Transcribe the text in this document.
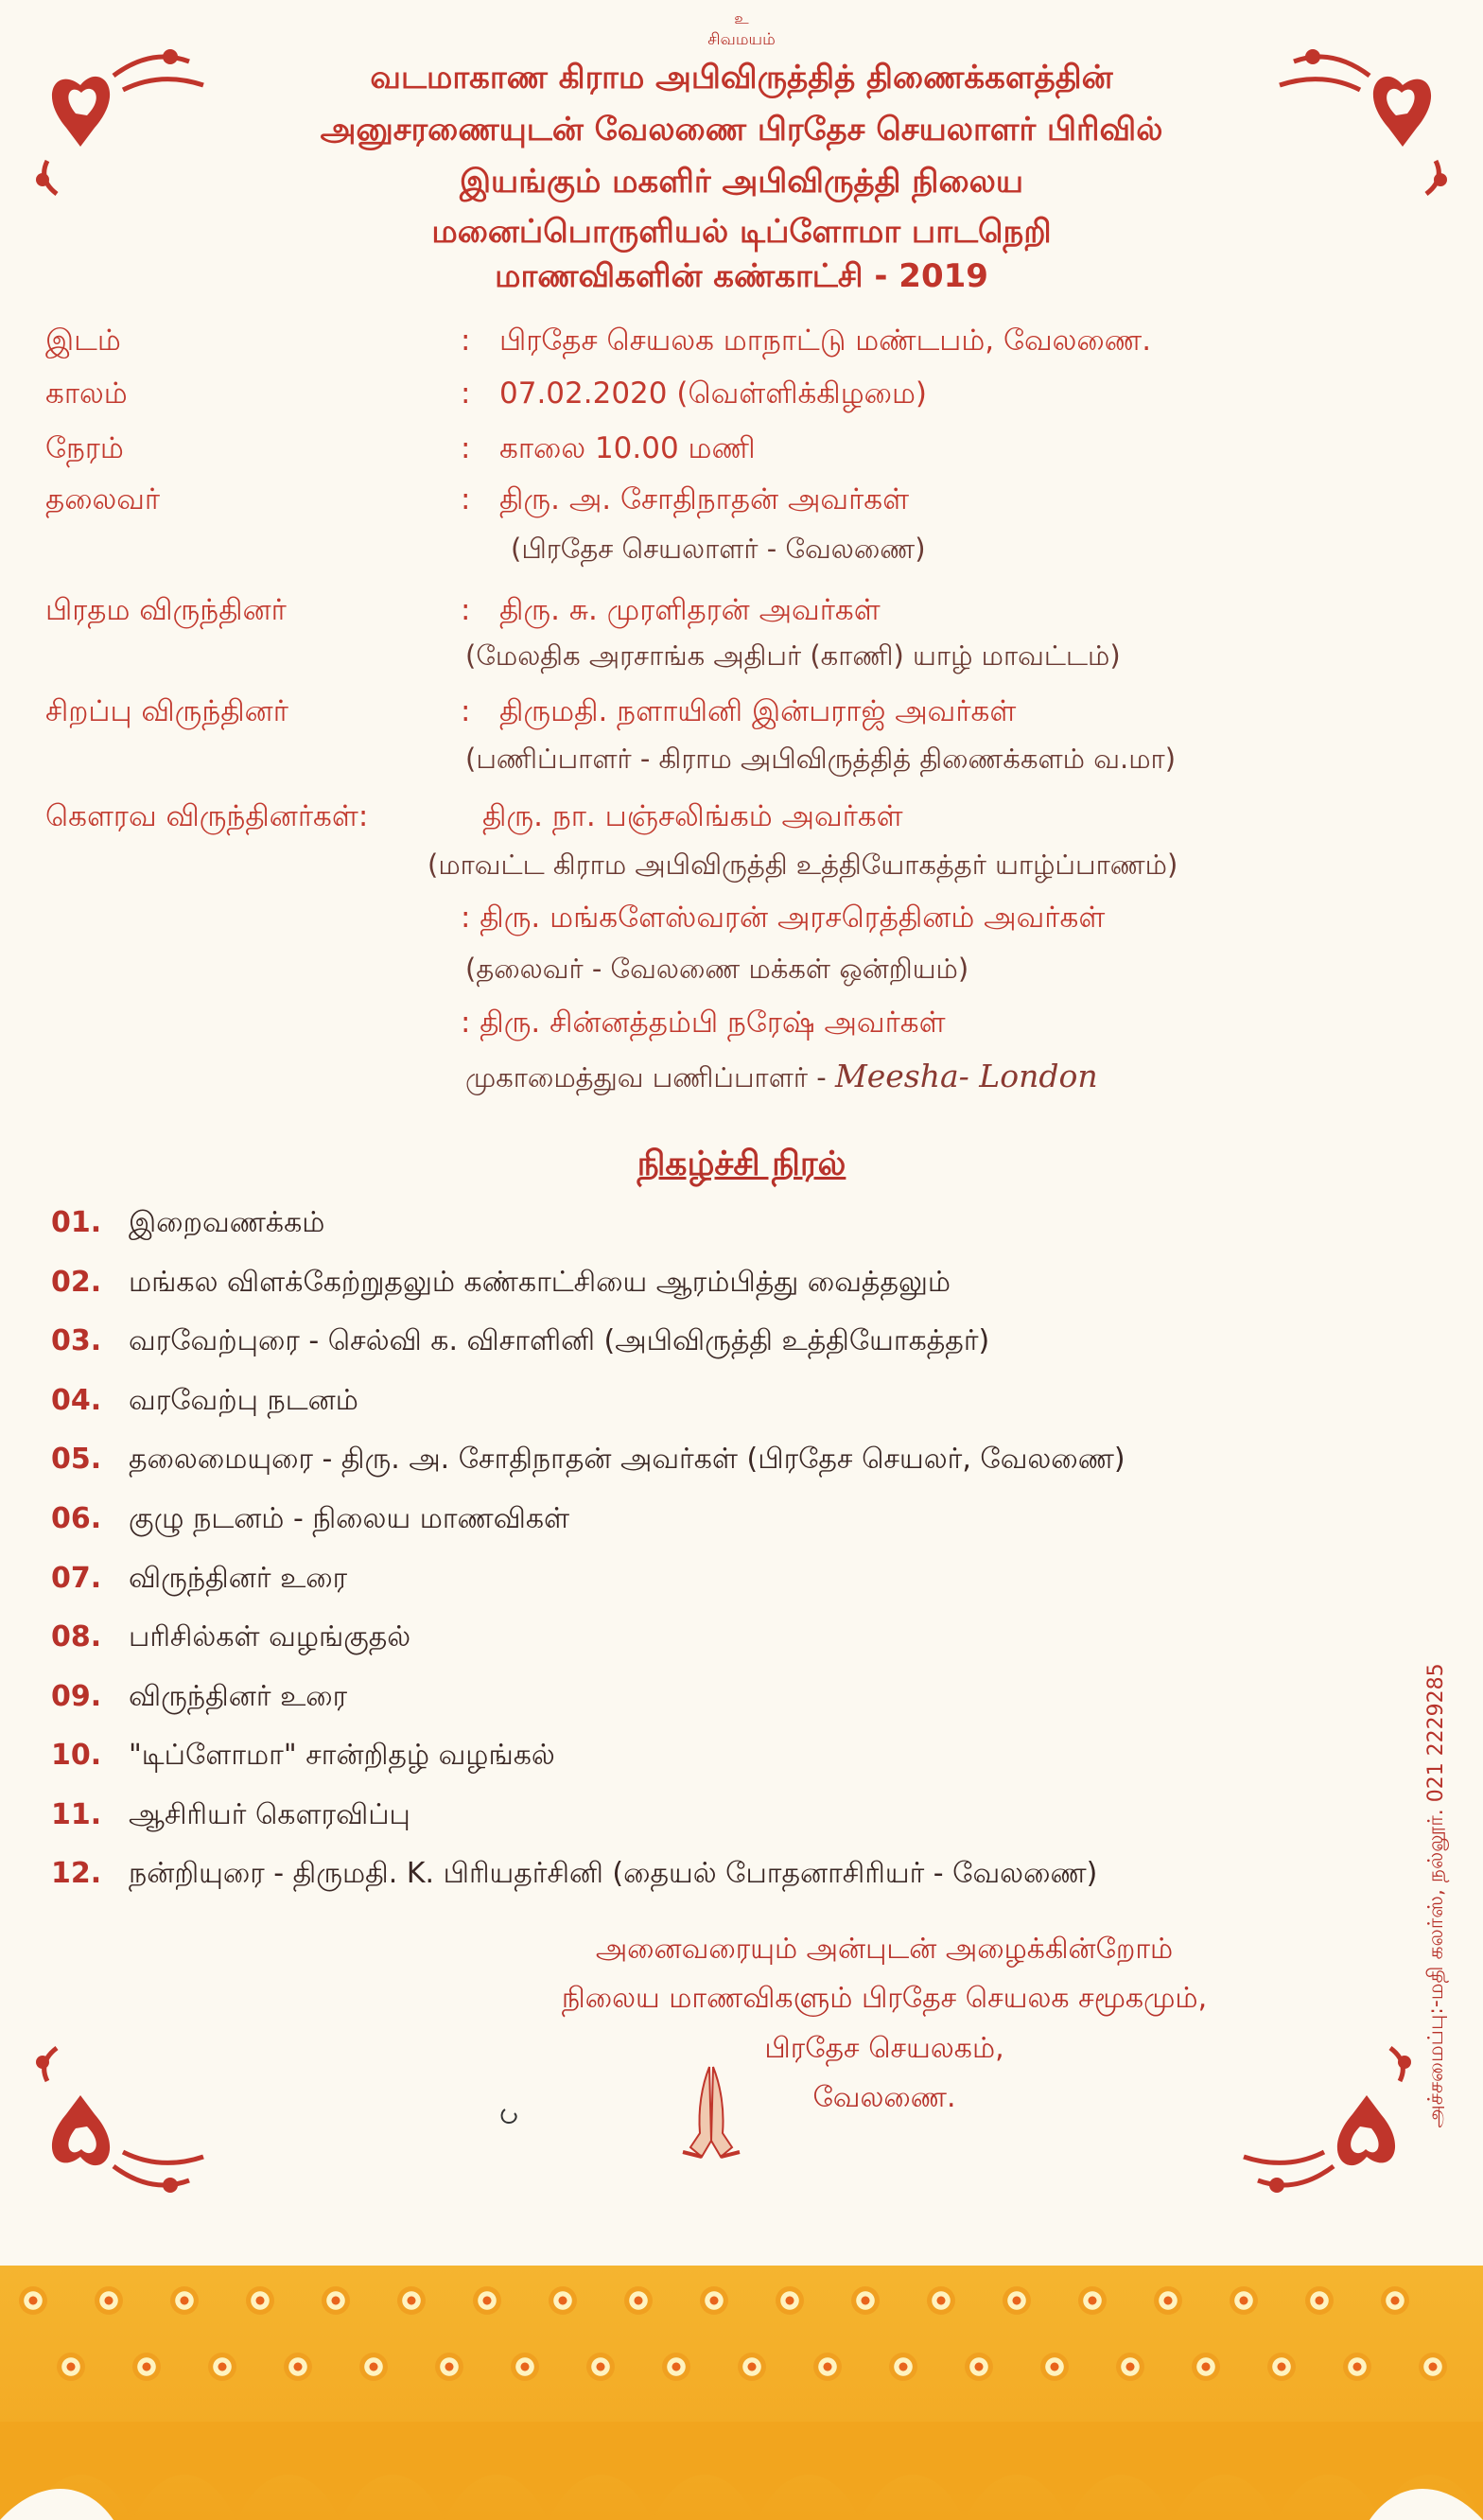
உ
சிவமயம்
வடமாகாண கிராம அபிவிருத்தித் திணைக்களத்தின்
அனுசரணையுடன் வேலணை பிரதேச செயலாளர் பிரிவில்
இயங்கும் மகளிர் அபிவிருத்தி நிலைய
மனைப்பொருளியல் டிப்ளோமா பாடநெறி
மாணவிகளின் கண்காட்சி - 2019
இடம்	: பிரதேச செயலக மாநாட்டு மண்டபம், வேலணை.
காலம்	: 07.02.2020 (வெள்ளிக்கிழமை)
நேரம்	: காலை 10.00 மணி
தலைவர்	: திரு. அ. சோதிநாதன் அவர்கள்
(பிரதேச செயலாளர் - வேலணை)
பிரதம விருந்தினர்	: திரு. சு. முரளிதரன் அவர்கள்
(மேலதிக அரசாங்க அதிபர் (காணி) யாழ் மாவட்டம்)
சிறப்பு விருந்தினர்	: திருமதி. நளாயினி இன்பராஜ் அவர்கள்
(பணிப்பாளர் - கிராம அபிவிருத்தித் திணைக்களம் வ.மா)
கௌரவ விருந்தினர்கள்:	திரு. நா. பஞ்சலிங்கம் அவர்கள்
(மாவட்ட கிராம அபிவிருத்தி உத்தியோகத்தர் யாழ்ப்பாணம்)
: திரு. மங்களேஸ்வரன் அரசரெத்தினம் அவர்கள்
(தலைவர் - வேலணை மக்கள் ஒன்றியம்)
: திரு. சின்னத்தம்பி நரேஷ் அவர்கள்
முகாமைத்துவ பணிப்பாளர் - Meesha- London
நிகழ்ச்சி நிரல்
01. இறைவணக்கம்
02. மங்கல விளக்கேற்றுதலும் கண்காட்சியை ஆரம்பித்து வைத்தலும்
03. வரவேற்புரை - செல்வி க. விசாளினி (அபிவிருத்தி உத்தியோகத்தர்)
04. வரவேற்பு நடனம்
05. தலைமையுரை - திரு. அ. சோதிநாதன் அவர்கள் (பிரதேச செயலர், வேலணை)
06. குழு நடனம் - நிலைய மாணவிகள்
07. விருந்தினர் உரை
08. பரிசில்கள் வழங்குதல்
09. விருந்தினர் உரை
10. "டிப்ளோமா" சான்றிதழ் வழங்கல்
11. ஆசிரியர் கௌரவிப்பு
12. நன்றியுரை - திருமதி. K. பிரியதர்சினி (தையல் போதனாசிரியர் - வேலணை)
அனைவரையும் அன்புடன் அழைக்கின்றோம்
நிலைய மாணவிகளும் பிரதேச செயலக சமூகமும்,
பிரதேச செயலகம்,
வேலணை.	அச்சமைப்பு:-மதி கலர்ஸ், நல்லூர். 021 2229285
